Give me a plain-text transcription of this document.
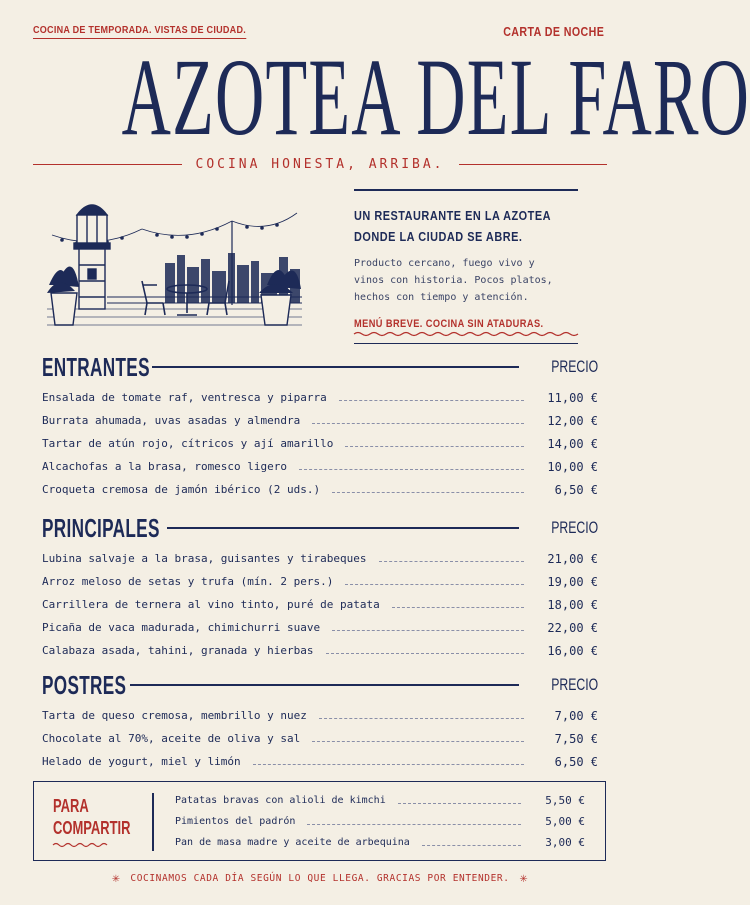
COCINA DE TEMPORADA. VISTAS DE CIUDAD.	CARTA DE NOCHE
AZOTEA DEL FARO
COCINA HONESTA, ARRIBA.
UN RESTAURANTE EN LA AZOTEA
DONDE LA CIUDAD SE ABRE.
Producto cercano, fuego vivo y
vinos con historia. Pocos platos,
hechos con tiempo y atención.
MENÚ BREVE. COCINA SIN ATADURAS.
ENTRANTES	PRECIO
Ensalada de tomate raf, ventresca y piparra	11,00 €
Burrata ahumada, uvas asadas y almendra	12,00 €
Tartar de atún rojo, cítricos y ají amarillo	14,00 €
Alcachofas a la brasa, romesco ligero	10,00 €
Croqueta cremosa de jamón ibérico (2 uds.)	6,50 €
PRINCIPALES	PRECIO
Lubina salvaje a la brasa, guisantes y tirabeques	21,00 €
Arroz meloso de setas y trufa (mín. 2 pers.)	19,00 €
Carrillera de ternera al vino tinto, puré de patata	18,00 €
Picaña de vaca madurada, chimichurri suave	22,00 €
Calabaza asada, tahini, granada y hierbas	16,00 €
POSTRES	PRECIO
Tarta de queso cremosa, membrillo y nuez	7,00 €
Chocolate al 70%, aceite de oliva y sal	7,50 €
Helado de yogurt, miel y limón	6,50 €
PARA
COMPARTIR
Patatas bravas con alioli de kimchi	5,50 €
Pimientos del padrón	5,00 €
Pan de masa madre y aceite de arbequina	3,00 €
✳ COCINAMOS CADA DÍA SEGÚN LO QUE LLEGA. GRACIAS POR ENTENDER. ✳
